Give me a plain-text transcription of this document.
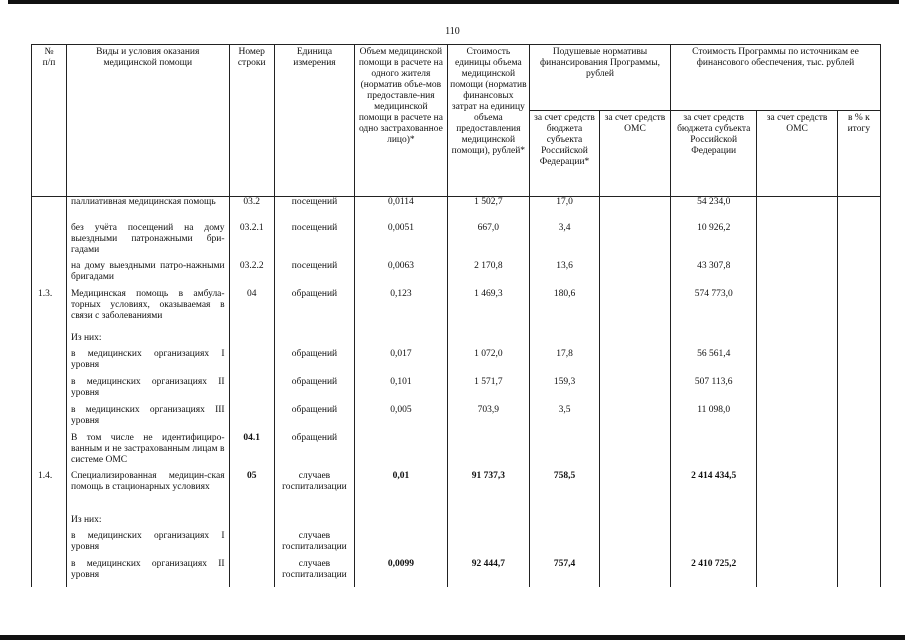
110
№
п/п	Виды и условия оказания медицинской помощи	Номер строки	Единица измерения	Объем медицинской помощи в расчете на одного жителя (норматив объе-мов предоставле-ния медицинской помощи в расчете на одно застрахованное лицо)*	Стоимость единицы объема медицинской помощи (норматив финансовых затрат на единицу объема предоставления медицинской помощи), рублей*	Подушевые нормативы финансирования Программы, рублей		Стоимость Программы по источникам ее финансового обеспечения, тыс. рублей		
						за счет средств бюджета субъекта Российской Федерации*	за счет средств ОМС	за счет средств бюджета субъекта Российской Федерации	за счет средств ОМС	в % к итогу
	паллиативная медицинская помощь	03.2	посещений	0,0114	1 502,7	17,0		54 234,0		
	без учёта посещений на дому выездными патронажными бри-гадами	03.2.1	посещений	0,0051	667,0	3,4		10 926,2		
	на дому выездными патро-нажными бригадами	03.2.2	посещений	0,0063	2 170,8	13,6		43 307,8		
1.3.	Медицинская помощь в амбула-торных условиях, оказываемая в связи с заболеваниями	04	обращений	0,123	1 469,3	180,6		574 773,0		
	Из них:									
	в медицинских организациях I уровня		обращений	0,017	1 072,0	17,8		56 561,4		
	в медицинских организациях II уровня		обращений	0,101	1 571,7	159,3		507 113,6		
	в медицинских организациях III уровня		обращений	0,005	703,9	3,5		11 098,0		
	В том числе не идентифициро-ванным и не застрахованным лицам в системе ОМС	04.1	обращений							
1.4.	Специализированная медицин-ская помощь в стационарных условиях	05	случаев госпитализации	0,01	91 737,3	758,5		2 414 434,5		
	Из них:									
	в медицинских организациях I уровня		случаев госпитализации							
	в медицинских организациях II уровня		случаев госпитализации	0,0099	92 444,7	757,4		2 410 725,2		
